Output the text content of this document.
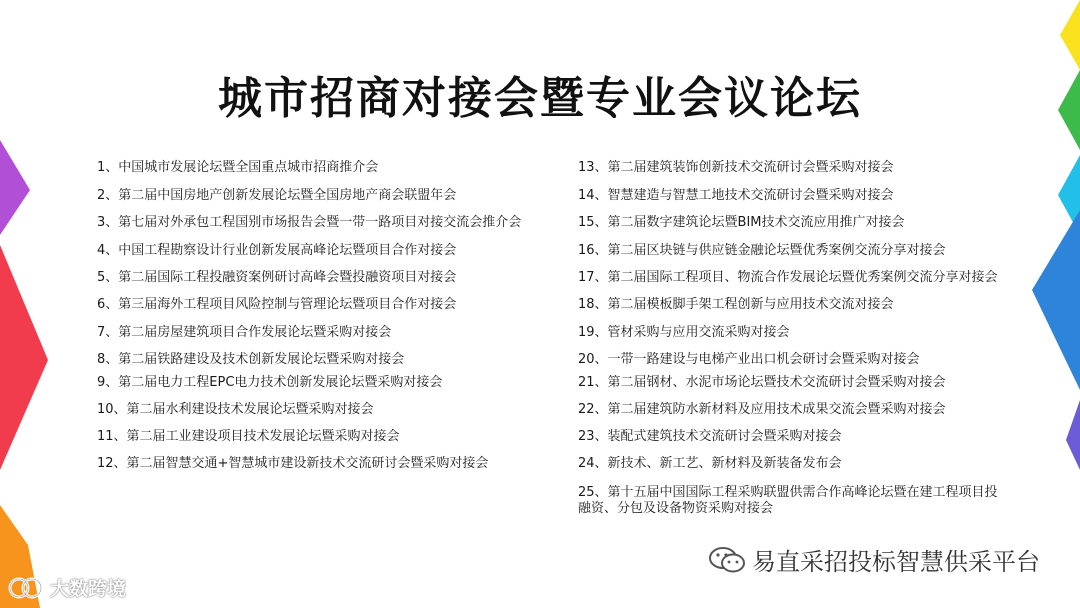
城市招商对接会暨专业会议论坛
1、中国城市发展论坛暨全国重点城市招商推介会
2、第二届中国房地产创新发展论坛暨全国房地产商会联盟年会
3、第七届对外承包工程国别市场报告会暨一带一路项目对接交流会推介会
4、中国工程勘察设计行业创新发展高峰论坛暨项目合作对接会
5、第二届国际工程投融资案例研讨高峰会暨投融资项目对接会
6、第三届海外工程项目风险控制与管理论坛暨项目合作对接会
7、第二届房屋建筑项目合作发展论坛暨采购对接会
8、第二届铁路建设及技术创新发展论坛暨采购对接会
9、第二届电力工程EPC电力技术创新发展论坛暨采购对接会
10、第二届水利建设技术发展论坛暨采购对接会
11、第二届工业建设项目技术发展论坛暨采购对接会
12、第二届智慧交通+智慧城市建设新技术交流研讨会暨采购对接会
13、第二届建筑装饰创新技术交流研讨会暨采购对接会
14、智慧建造与智慧工地技术交流研讨会暨采购对接会
15、第二届数字建筑论坛暨BIM技术交流应用推广对接会
16、第二届区块链与供应链金融论坛暨优秀案例交流分享对接会
17、第二届国际工程项目、物流合作发展论坛暨优秀案例交流分享对接会
18、第二届模板脚手架工程创新与应用技术交流对接会
19、管材采购与应用交流采购对接会
20、一带一路建设与电梯产业出口机会研讨会暨采购对接会
21、第二届钢材、水泥市场论坛暨技术交流研讨会暨采购对接会
22、第二届建筑防水新材料及应用技术成果交流会暨采购对接会
23、装配式建筑技术交流研讨会暨采购对接会
24、新技术、新工艺、新材料及新装备发布会
25、第十五届中国国际工程采购联盟供需合作高峰论坛暨在建工程项目投融资、分包及设备物资采购对接会
易直采招投标智慧供采平台
大数跨境
